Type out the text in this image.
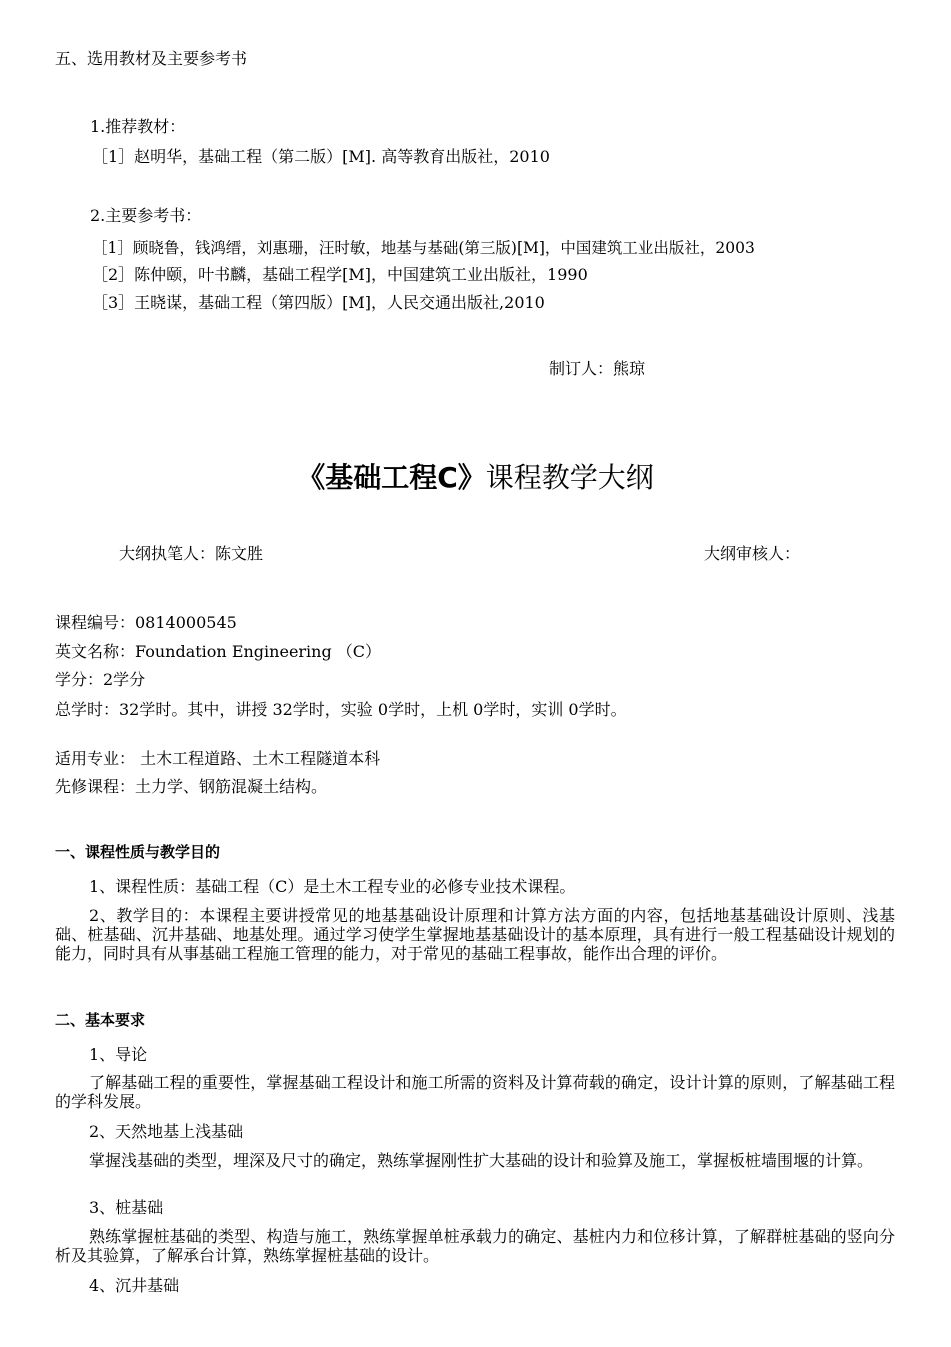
五、选用教材及主要参考书
1.推荐教材：
［1］赵明华，基础工程（第二版）[M]. 高等教育出版社，2010
2.主要参考书：
［1］顾晓鲁，钱鸿缙，刘惠珊，汪时敏，地基与基础(第三版)[M]，中国建筑工业出版社，2003
［2］陈仲颐，叶书麟，基础工程学[M]，中国建筑工业出版社，1990
［3］王晓谋，基础工程（第四版）[M]，人民交通出版社,2010
制订人：熊琼
《基础工程C》课程教学大纲
大纲执笔人：陈文胜	大纲审核人：
课程编号：0814000545
英文名称：Foundation Engineering （C）
学分：2学分
总学时：32学时。其中，讲授 32学时，实验 0学时，上机 0学时，实训 0学时。
适用专业： 土木工程道路、土木工程隧道本科
先修课程：土力学、钢筋混凝土结构。
一、课程性质与教学目的
1、课程性质：基础工程（C）是土木工程专业的必修专业技术课程。
2、教学目的：本课程主要讲授常见的地基基础设计原理和计算方法方面的内容，包括地基基础设计原则、浅基础、桩基础、沉井基础、地基处理。通过学习使学生掌握地基基础设计的基本原理，具有进行一般工程基础设计规划的能力，同时具有从事基础工程施工管理的能力，对于常见的基础工程事故，能作出合理的评价。
二、基本要求
1、导论
了解基础工程的重要性，掌握基础工程设计和施工所需的资料及计算荷载的确定，设计计算的原则，了解基础工程的学科发展。
2、天然地基上浅基础
掌握浅基础的类型，埋深及尺寸的确定，熟练掌握刚性扩大基础的设计和验算及施工，掌握板桩墙围堰的计算。
3、桩基础
熟练掌握桩基础的类型、构造与施工，熟练掌握单桩承载力的确定、基桩内力和位移计算，了解群桩基础的竖向分析及其验算，了解承台计算，熟练掌握桩基础的设计。
4、沉井基础
